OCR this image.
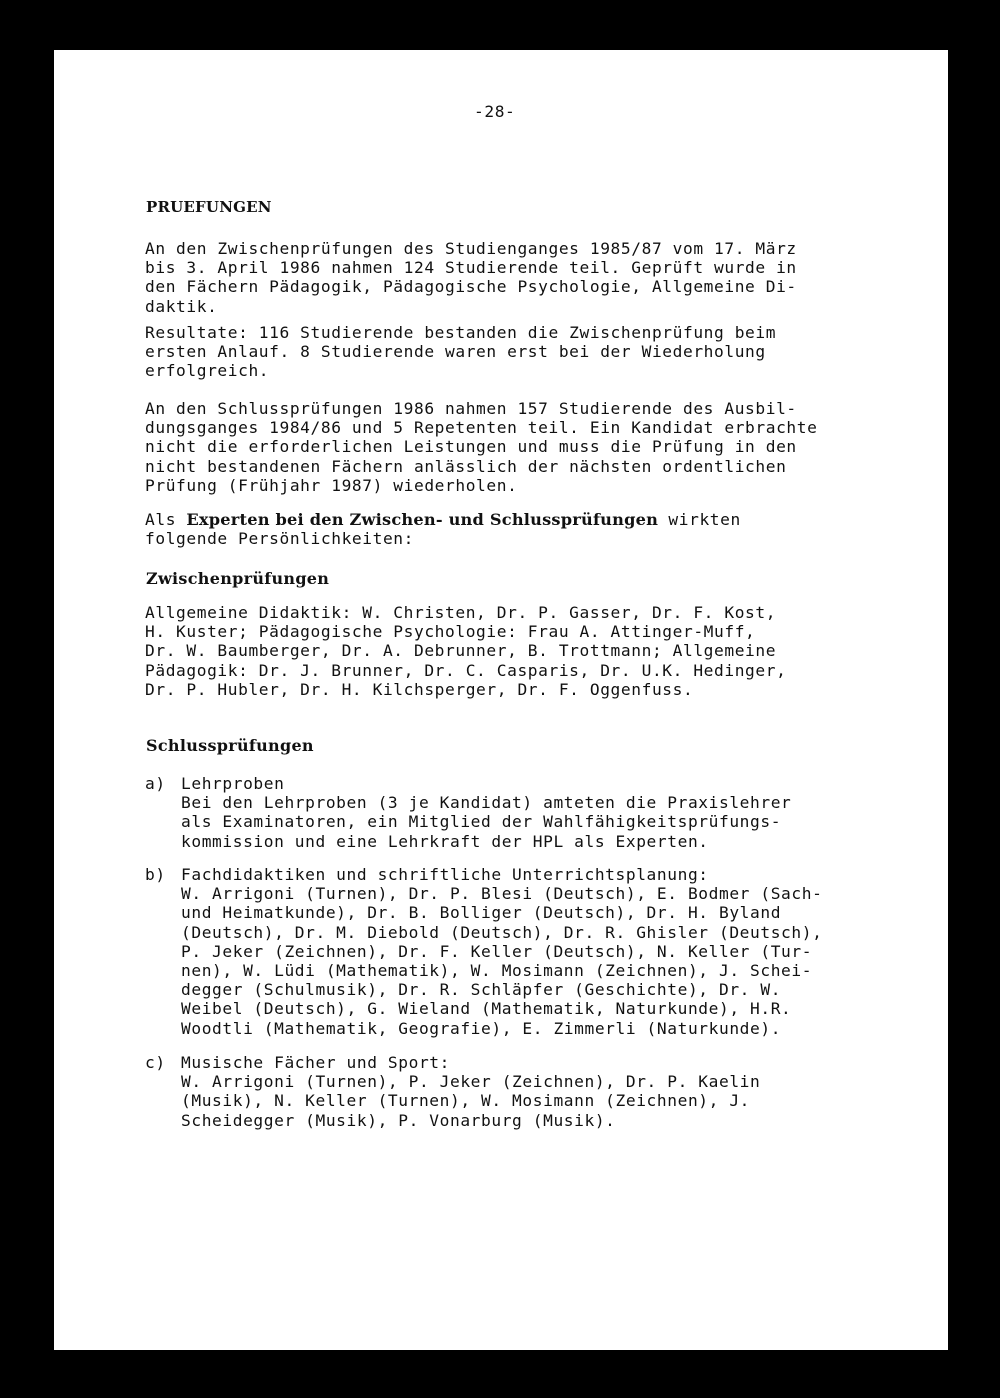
-28-
PRUEFUNGEN
An den Zwischenprüfungen des Studienganges 1985/87 vom 17. März
bis 3. April 1986 nahmen 124 Studierende teil. Geprüft wurde in
den Fächern Pädagogik, Pädagogische Psychologie, Allgemeine Di-
daktik.
Resultate: 116 Studierende bestanden die Zwischenprüfung beim
ersten Anlauf. 8 Studierende waren erst bei der Wiederholung
erfolgreich.
An den Schlussprüfungen 1986 nahmen 157 Studierende des Ausbil-
dungsganges 1984/86 und 5 Repetenten teil. Ein Kandidat erbrachte
nicht die erforderlichen Leistungen und muss die Prüfung in den
nicht bestandenen Fächern anlässlich der nächsten ordentlichen
Prüfung (Frühjahr 1987) wiederholen.
Als Experten bei den Zwischen- und Schlussprüfungen wirkten
folgende Persönlichkeiten:
Zwischenprüfungen
Allgemeine Didaktik: W. Christen, Dr. P. Gasser, Dr. F. Kost,
H. Kuster; Pädagogische Psychologie: Frau A. Attinger-Muff,
Dr. W. Baumberger, Dr. A. Debrunner, B. Trottmann; Allgemeine
Pädagogik: Dr. J. Brunner, Dr. C. Casparis, Dr. U.K. Hedinger,
Dr. P. Hubler, Dr. H. Kilchsperger, Dr. F. Oggenfuss.
Schlussprüfungen
a) Lehrproben
Bei den Lehrproben (3 je Kandidat) amteten die Praxislehrer
als Examinatoren, ein Mitglied der Wahlfähigkeitsprüfungs-
kommission und eine Lehrkraft der HPL als Experten.
b) Fachdidaktiken und schriftliche Unterrichtsplanung:
W. Arrigoni (Turnen), Dr. P. Blesi (Deutsch), E. Bodmer (Sach-
und Heimatkunde), Dr. B. Bolliger (Deutsch), Dr. H. Byland
(Deutsch), Dr. M. Diebold (Deutsch), Dr. R. Ghisler (Deutsch),
P. Jeker (Zeichnen), Dr. F. Keller (Deutsch), N. Keller (Tur-
nen), W. Lüdi (Mathematik), W. Mosimann (Zeichnen), J. Schei-
degger (Schulmusik), Dr. R. Schläpfer (Geschichte), Dr. W.
Weibel (Deutsch), G. Wieland (Mathematik, Naturkunde), H.R.
Woodtli (Mathematik, Geografie), E. Zimmerli (Naturkunde).
c) Musische Fächer und Sport:
W. Arrigoni (Turnen), P. Jeker (Zeichnen), Dr. P. Kaelin
(Musik), N. Keller (Turnen), W. Mosimann (Zeichnen), J.
Scheidegger (Musik), P. Vonarburg (Musik).
